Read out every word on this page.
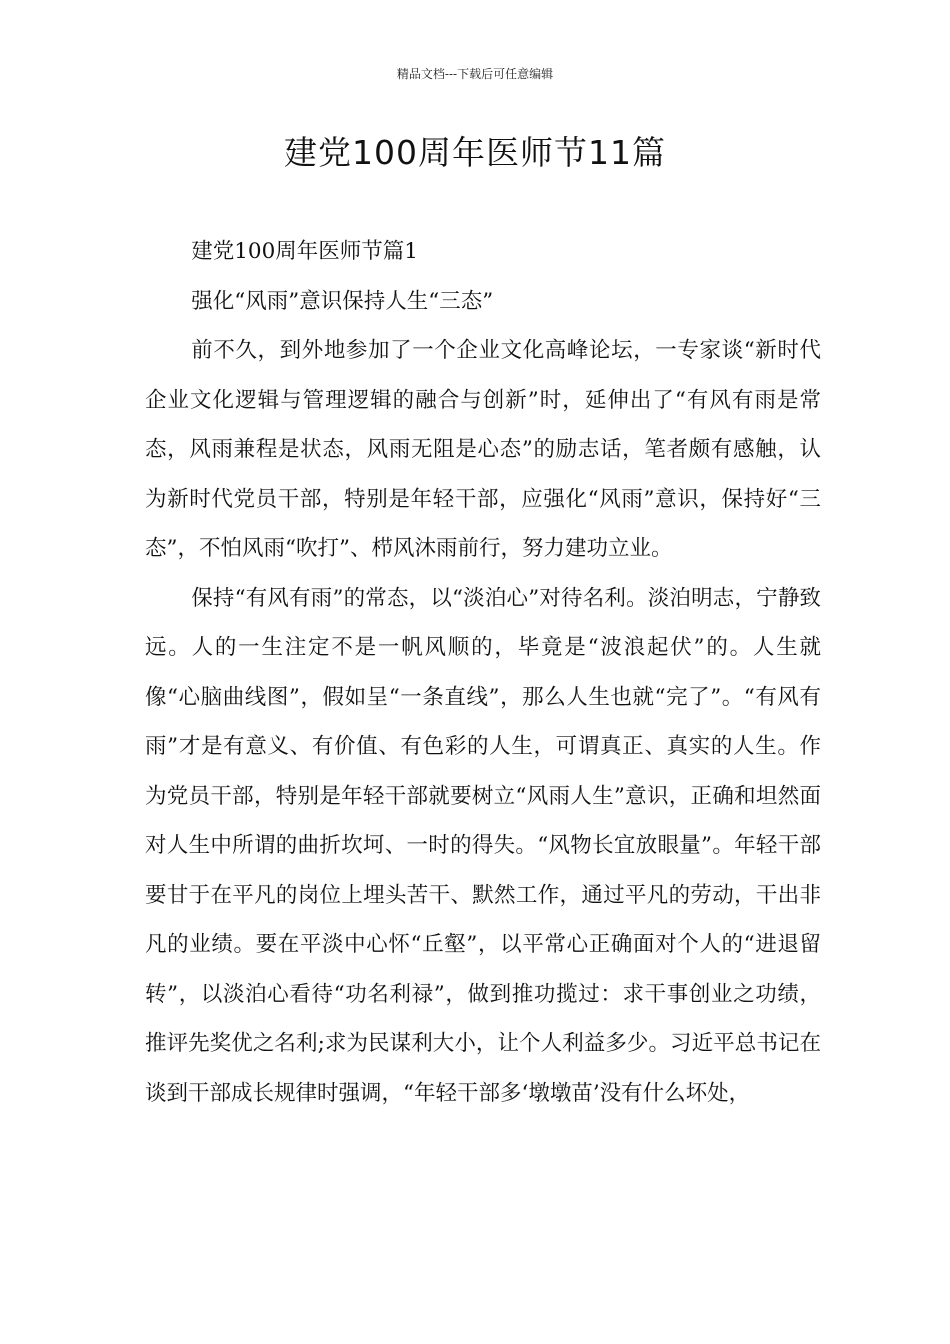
精品文档---下载后可任意编辑
建党100周年医师节11篇

建党100周年医师节篇1

强化“风雨”意识保持人生“三态”

前不久，到外地参加了一个企业文化高峰论坛，一专家谈“新时代企业文化逻辑与管理逻辑的融合与创新”时，延伸出了“有风有雨是常态，风雨兼程是状态，风雨无阻是心态”的励志话，笔者颇有感触，认为新时代党员干部，特别是年轻干部，应强化“风雨”意识，保持好“三态”，不怕风雨“吹打”、栉风沐雨前行，努力建功立业。

保持“有风有雨”的常态，以“淡泊心”对待名利。淡泊明志，宁静致远。人的一生注定不是一帆风顺的，毕竟是“波浪起伏”的。人生就像“心脑曲线图”，假如呈“一条直线”，那么人生也就“完了”。“有风有雨”才是有意义、有价值、有色彩的人生，可谓真正、真实的人生。作为党员干部，特别是年轻干部就要树立“风雨人生”意识，正确和坦然面对人生中所谓的曲折坎坷、一时的得失。“风物长宜放眼量”。年轻干部要甘于在平凡的岗位上埋头苦干、默然工作，通过平凡的劳动，干出非凡的业绩。要在平淡中心怀“丘壑”，以平常心正确面对个人的“进退留转”，以淡泊心看待“功名利禄”，做到推功揽过：求干事创业之功绩，推评先奖优之名利;求为民谋利大小，让个人利益多少。习近平总书记在谈到干部成长规律时强调，“年轻干部多‘墩墩苗’没有什么坏处，
